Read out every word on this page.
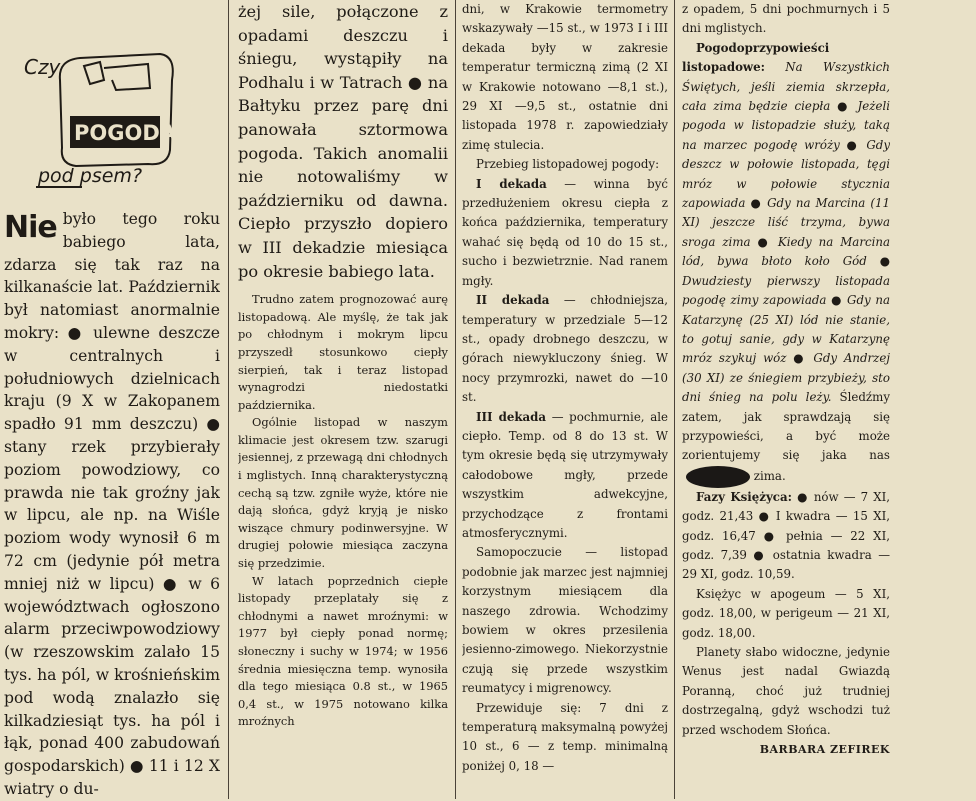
Czy
POGODA
pod psem?

Nie było tego roku babiego lata, zdarza się tak raz na kilkanaście lat. Październik był natomiast anormalnie mokry: ● ulewne deszcze w centralnych i południowych dzielnicach kraju (9 X w Zakopanem spadło 91 mm deszczu) ● stany rzek przybierały poziom powodziowy, co prawda nie tak groźny jak w lipcu, ale np. na Wiśle poziom wody wynosił 6 m 72 cm (jedynie pół metra mniej niż w lipcu) ● w 6 województwach ogłoszono alarm przeciwpowodziowy (w rzeszowskim zalało 15 tys. ha pól, w krośnieńskim pod wodą znalazło się kilkadziesiąt tys. ha pól i łąk, ponad 400 zabudowań gospodarskich) ● 11 i 12 X wiatry o du-

żej sile, połączone z opadami deszczu i śniegu, wystąpiły na Podhalu i w Tatrach ● na Bałtyku przez parę dni panowała sztormowa pogoda. Takich anomalii nie notowaliśmy w październiku od dawna. Ciepło przyszło dopiero w III dekadzie miesiąca po okresie babiego lata.

Trudno zatem prognozować aurę listopadową. Ale myślę, że tak jak po chłodnym i mokrym lipcu przyszedł stosunkowo ciepły sierpień, tak i teraz listopad wynagrodzi niedostatki października.

Ogólnie listopad w naszym klimacie jest okresem tzw. szarugi jesiennej, z przewagą dni chłodnych i mglistych. Inną charakterystyczną cechą są tzw. zgniłe wyże, które nie dają słońca, gdyż kryją je nisko wiszące chmury podinwersyjne. W drugiej połowie miesiąca zaczyna się przedzimie.

W latach poprzednich ciepłe listopady przeplatały się z chłodnymi a nawet mroźnymi: w 1977 był ciepły ponad normę; słoneczny i suchy w 1974; w 1956 średnia miesięczna temp. wynosiła dla tego miesiąca 0.8 st., w 1965 0,4 st., w 1975 notowano kilka mroźnych

dni, w Krakowie termometry wskazywały —15 st., w 1973 I i III dekada były w zakresie temperatur termiczną zimą (2 XI w Krakowie notowano —8,1 st.), 29 XI —9,5 st., ostatnie dni listopada 1978 r. zapowiedziały zimę stulecia.

Przebieg listopadowej pogody:

I dekada — winna być przedłużeniem okresu ciepła z końca października, temperatury wahać się będą od 10 do 15 st., sucho i bezwietrznie. Nad ranem mgły.

II dekada — chłodniejsza, temperatury w przedziale 5—12 st., opady drobnego deszczu, w górach niewykluczony śnieg. W nocy przymrozki, nawet do —10 st.

III dekada — pochmurnie, ale ciepło. Temp. od 8 do 13 st. W tym okresie będą się utrzymywały całodobowe mgły, przede wszystkim adwekcyjne, przychodzące z frontami atmosferycznymi.

Samopoczucie — listopad podobnie jak marzec jest najmniej korzystnym miesiącem dla naszego zdrowia. Wchodzimy bowiem w okres przesilenia jesienno-zimowego. Niekorzystnie czują się przede wszystkim reumatycy i migrenowcy.

Przewiduje się: 7 dni z temperaturą maksymalną powyżej 10 st., 6 — z temp. minimalną poniżej 0, 18 —

z opadem, 5 dni pochmurnych i 5 dni mglistych.

Pogodoprzypowieści listopadowe: Na Wszystkich Świętych, jeśli ziemia skrzepła, cała zima będzie ciepła ● Jeżeli pogoda w listopadzie służy, taką na marzec pogodę wróży ● Gdy deszcz w połowie listopada, tęgi mróz w połowie stycznia zapowiada ● Gdy na Marcina (11 XI) jeszcze liść trzyma, bywa sroga zima ● Kiedy na Marcina lód, bywa błoto koło Gód ● Dwudziesty pierwszy listopada pogodę zimy zapowiada ● Gdy na Katarzynę (25 XI) lód nie stanie, to gotuj sanie, gdy w Katarzynę mróz szykuj wóz ● Gdy Andrzej (30 XI) ze śniegiem przybieży, sto dni śnieg na polu leży. Śledźmy zatem, jak sprawdzają się przypowieści, a być może zorientujemy się jaka nas zima.

Fazy Księżyca: ● nów — 7 XI, godz. 21,43 ● I kwadra — 15 XI, godz. 16,47 ● pełnia — 22 XI, godz. 7,39 ● ostatnia kwadra — 29 XI, godz. 10,59.

Księżyc w apogeum — 5 XI, godz. 18,00, w perigeum — 21 XI, godz. 18,00.

Planety słabo widoczne, jedynie Wenus jest nadal Gwiazdą Poranną, choć już trudniej dostrzegalną, gdyż wschodzi tuż przed wschodem Słońca.

BARBARA ZEFIREK
